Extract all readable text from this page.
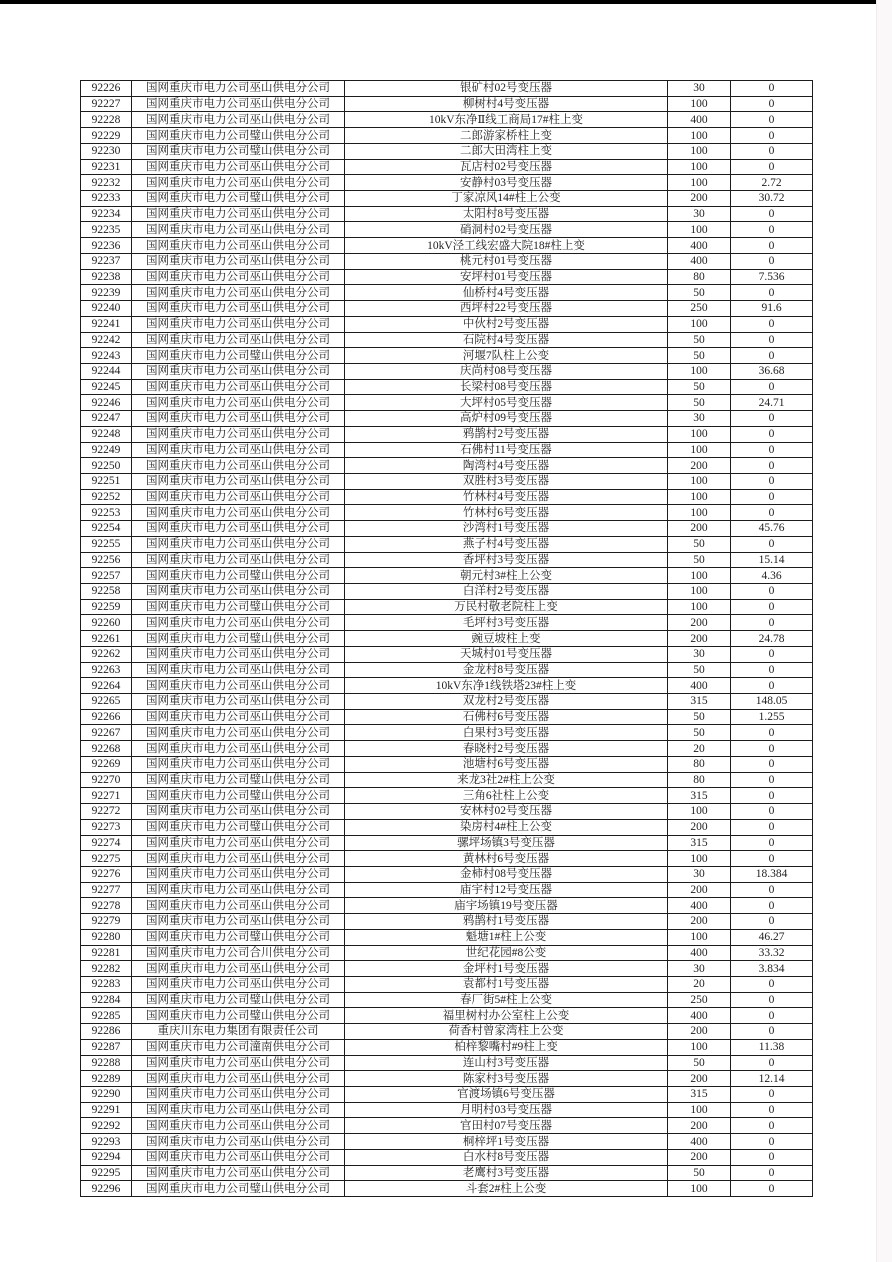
92226	国网重庆市电力公司巫山供电分公司	银矿村02号变压器	30	0
92227	国网重庆市电力公司巫山供电分公司	柳树村4号变压器	100	0
92228	国网重庆市电力公司巫山供电分公司	10kV东净Ⅱ线工商局17#柱上变	400	0
92229	国网重庆市电力公司璧山供电分公司	二郎游家桥柱上变	100	0
92230	国网重庆市电力公司璧山供电分公司	二郎大田湾柱上变	100	0
92231	国网重庆市电力公司巫山供电分公司	瓦店村02号变压器	100	0
92232	国网重庆市电力公司巫山供电分公司	安静村03号变压器	100	2.72
92233	国网重庆市电力公司璧山供电分公司	丁家凉风14#柱上公变	200	30.72
92234	国网重庆市电力公司巫山供电分公司	太阳村8号变压器	30	0
92235	国网重庆市电力公司巫山供电分公司	硝洞村02号变压器	100	0
92236	国网重庆市电力公司巫山供电分公司	10kV泾工线宏盛大院18#柱上变	400	0
92237	国网重庆市电力公司巫山供电分公司	桃元村01号变压器	400	0
92238	国网重庆市电力公司巫山供电分公司	安坪村01号变压器	80	7.536
92239	国网重庆市电力公司巫山供电分公司	仙桥村4号变压器	50	0
92240	国网重庆市电力公司巫山供电分公司	西坪村22号变压器	250	91.6
92241	国网重庆市电力公司巫山供电分公司	中伙村2号变压器	100	0
92242	国网重庆市电力公司巫山供电分公司	石院村4号变压器	50	0
92243	国网重庆市电力公司璧山供电分公司	河堰7队柱上公变	50	0
92244	国网重庆市电力公司巫山供电分公司	庆尚村08号变压器	100	36.68
92245	国网重庆市电力公司巫山供电分公司	长梁村08号变压器	50	0
92246	国网重庆市电力公司巫山供电分公司	大坪村05号变压器	50	24.71
92247	国网重庆市电力公司巫山供电分公司	高炉村09号变压器	30	0
92248	国网重庆市电力公司巫山供电分公司	鸦鹊村2号变压器	100	0
92249	国网重庆市电力公司巫山供电分公司	石佛村11号变压器	100	0
92250	国网重庆市电力公司巫山供电分公司	陶湾村4号变压器	200	0
92251	国网重庆市电力公司巫山供电分公司	双胜村3号变压器	100	0
92252	国网重庆市电力公司巫山供电分公司	竹林村4号变压器	100	0
92253	国网重庆市电力公司巫山供电分公司	竹林村6号变压器	100	0
92254	国网重庆市电力公司巫山供电分公司	沙湾村1号变压器	200	45.76
92255	国网重庆市电力公司巫山供电分公司	燕子村4号变压器	50	0
92256	国网重庆市电力公司巫山供电分公司	香坪村3号变压器	50	15.14
92257	国网重庆市电力公司璧山供电分公司	朝元村3#柱上公变	100	4.36
92258	国网重庆市电力公司巫山供电分公司	白洋村2号变压器	100	0
92259	国网重庆市电力公司璧山供电分公司	万民村敬老院柱上变	100	0
92260	国网重庆市电力公司巫山供电分公司	毛坪村3号变压器	200	0
92261	国网重庆市电力公司璧山供电分公司	豌豆坡柱上变	200	24.78
92262	国网重庆市电力公司巫山供电分公司	天城村01号变压器	30	0
92263	国网重庆市电力公司巫山供电分公司	金龙村8号变压器	50	0
92264	国网重庆市电力公司巫山供电分公司	10kV东净1线铁塔23#柱上变	400	0
92265	国网重庆市电力公司巫山供电分公司	双龙村2号变压器	315	148.05
92266	国网重庆市电力公司巫山供电分公司	石佛村6号变压器	50	1.255
92267	国网重庆市电力公司巫山供电分公司	白果村3号变压器	50	0
92268	国网重庆市电力公司巫山供电分公司	春晓村2号变压器	20	0
92269	国网重庆市电力公司巫山供电分公司	池塘村6号变压器	80	0
92270	国网重庆市电力公司璧山供电分公司	来龙3社2#柱上公变	80	0
92271	国网重庆市电力公司璧山供电分公司	三角6社柱上公变	315	0
92272	国网重庆市电力公司巫山供电分公司	安林村02号变压器	100	0
92273	国网重庆市电力公司璧山供电分公司	染房村4#柱上公变	200	0
92274	国网重庆市电力公司巫山供电分公司	骡坪场镇3号变压器	315	0
92275	国网重庆市电力公司巫山供电分公司	黄林村6号变压器	100	0
92276	国网重庆市电力公司巫山供电分公司	金柿村08号变压器	30	18.384
92277	国网重庆市电力公司巫山供电分公司	庙宇村12号变压器	200	0
92278	国网重庆市电力公司巫山供电分公司	庙宇场镇19号变压器	400	0
92279	国网重庆市电力公司巫山供电分公司	鸦鹊村1号变压器	200	0
92280	国网重庆市电力公司璧山供电分公司	魁塘1#柱上公变	100	46.27
92281	国网重庆市电力公司合川供电分公司	世纪花园#8公变	400	33.32
92282	国网重庆市电力公司巫山供电分公司	金坪村1号变压器	30	3.834
92283	国网重庆市电力公司巫山供电分公司	袁都村1号变压器	20	0
92284	国网重庆市电力公司璧山供电分公司	春厂街5#柱上公变	250	0
92285	国网重庆市电力公司璧山供电分公司	福里树村办公室柱上公变	400	0
92286	重庆川东电力集团有限责任公司	荷香村曾家湾柱上公变	200	0
92287	国网重庆市电力公司潼南供电分公司	柏梓黎嘴村#9柱上变	100	11.38
92288	国网重庆市电力公司巫山供电分公司	连山村3号变压器	50	0
92289	国网重庆市电力公司巫山供电分公司	陈家村3号变压器	200	12.14
92290	国网重庆市电力公司巫山供电分公司	官渡场镇6号变压器	315	0
92291	国网重庆市电力公司巫山供电分公司	月明村03号变压器	100	0
92292	国网重庆市电力公司巫山供电分公司	官田村07号变压器	200	0
92293	国网重庆市电力公司巫山供电分公司	桐梓坪1号变压器	400	0
92294	国网重庆市电力公司巫山供电分公司	白水村8号变压器	200	0
92295	国网重庆市电力公司巫山供电分公司	老鹰村3号变压器	50	0
92296	国网重庆市电力公司璧山供电分公司	斗套2#柱上公变	100	0
